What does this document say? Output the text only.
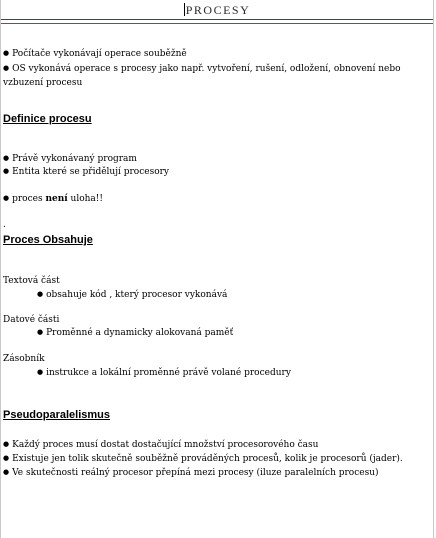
PROCESY
● Počítače vykonávají operace souběžně
● OS vykonává operace s procesy jako např. vytvoření, rušení, odložení, obnovení nebo
vzbuzení procesu
Definice procesu
● Právě vykonávaný program
● Entita které se přidělují procesory
● proces není uloha!!
.
Proces Obsahuje
Textová část
● obsahuje kód , který procesor vykonává
Datové části
● Proměnné a dynamicky alokovaná paměť
Zásobník
● instrukce a lokální proměnné právě volané procedury
Pseudoparalelismus
● Každý proces musí dostat dostačující množství procesorového času
● Existuje jen tolik skutečně souběžně prováděných procesů, kolik je procesorů (jader).
● Ve skutečnosti reálný procesor přepíná mezi procesy (iluze paralelních procesu)
